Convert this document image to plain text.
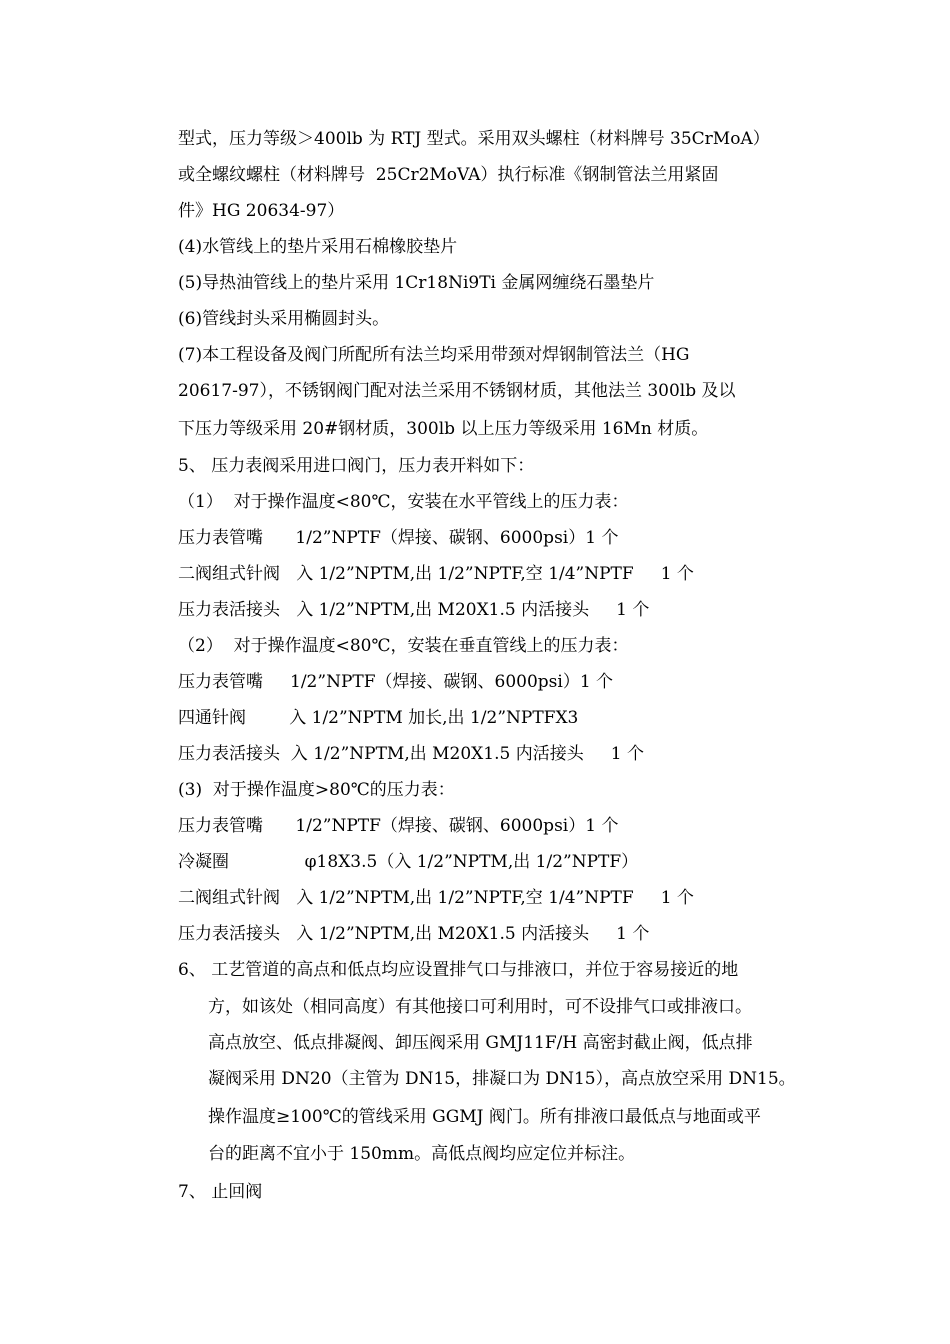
型式，压力等级＞400lb 为 RTJ 型式。采用双头螺柱（材料牌号 35CrMoA）
或全螺纹螺柱（材料牌号  25Cr2MoVA）执行标准《钢制管法兰用紧固
件》HG 20634-97）
(4)水管线上的垫片采用石棉橡胶垫片
(5)导热油管线上的垫片采用 1Cr18Ni9Ti 金属网缠绕石墨垫片
(6)管线封头采用椭圆封头。
(7)本工程设备及阀门所配所有法兰均采用带颈对焊钢制管法兰（HG
20617-97），不锈钢阀门配对法兰采用不锈钢材质，其他法兰 300lb 及以
下压力等级采用 20#钢材质，300lb 以上压力等级采用 16Mn 材质。
5、 压力表阀采用进口阀门，压力表开料如下：
（1）  对于操作温度<80℃，安装在水平管线上的压力表：
压力表管嘴      1/2”NPTF（焊接、碳钢、6000psi）1 个
二阀组式针阀   入 1/2”NPTM,出 1/2”NPTF,空 1/4”NPTF     1 个
压力表活接头   入 1/2”NPTM,出 M20X1.5 内活接头     1 个
（2）  对于操作温度<80℃，安装在垂直管线上的压力表：
压力表管嘴     1/2”NPTF（焊接、碳钢、6000psi）1 个
四通针阀        入 1/2”NPTM 加长,出 1/2”NPTFX3
压力表活接头  入 1/2”NPTM,出 M20X1.5 内活接头     1 个
(3)  对于操作温度>80℃的压力表：
压力表管嘴      1/2”NPTF（焊接、碳钢、6000psi）1 个
冷凝圈              φ18X3.5（入 1/2”NPTM,出 1/2”NPTF）
二阀组式针阀   入 1/2”NPTM,出 1/2”NPTF,空 1/4”NPTF     1 个
压力表活接头   入 1/2”NPTM,出 M20X1.5 内活接头     1 个
6、 工艺管道的高点和低点均应设置排气口与排液口，并位于容易接近的地
方，如该处（相同高度）有其他接口可利用时，可不设排气口或排液口。
高点放空、低点排凝阀、卸压阀采用 GMJ11F/H 高密封截止阀，低点排
凝阀采用 DN20（主管为 DN15，排凝口为 DN15），高点放空采用 DN15。
操作温度≥100℃的管线采用 GGMJ 阀门。所有排液口最低点与地面或平
台的距离不宜小于 150mm。高低点阀均应定位并标注。
7、 止回阀
